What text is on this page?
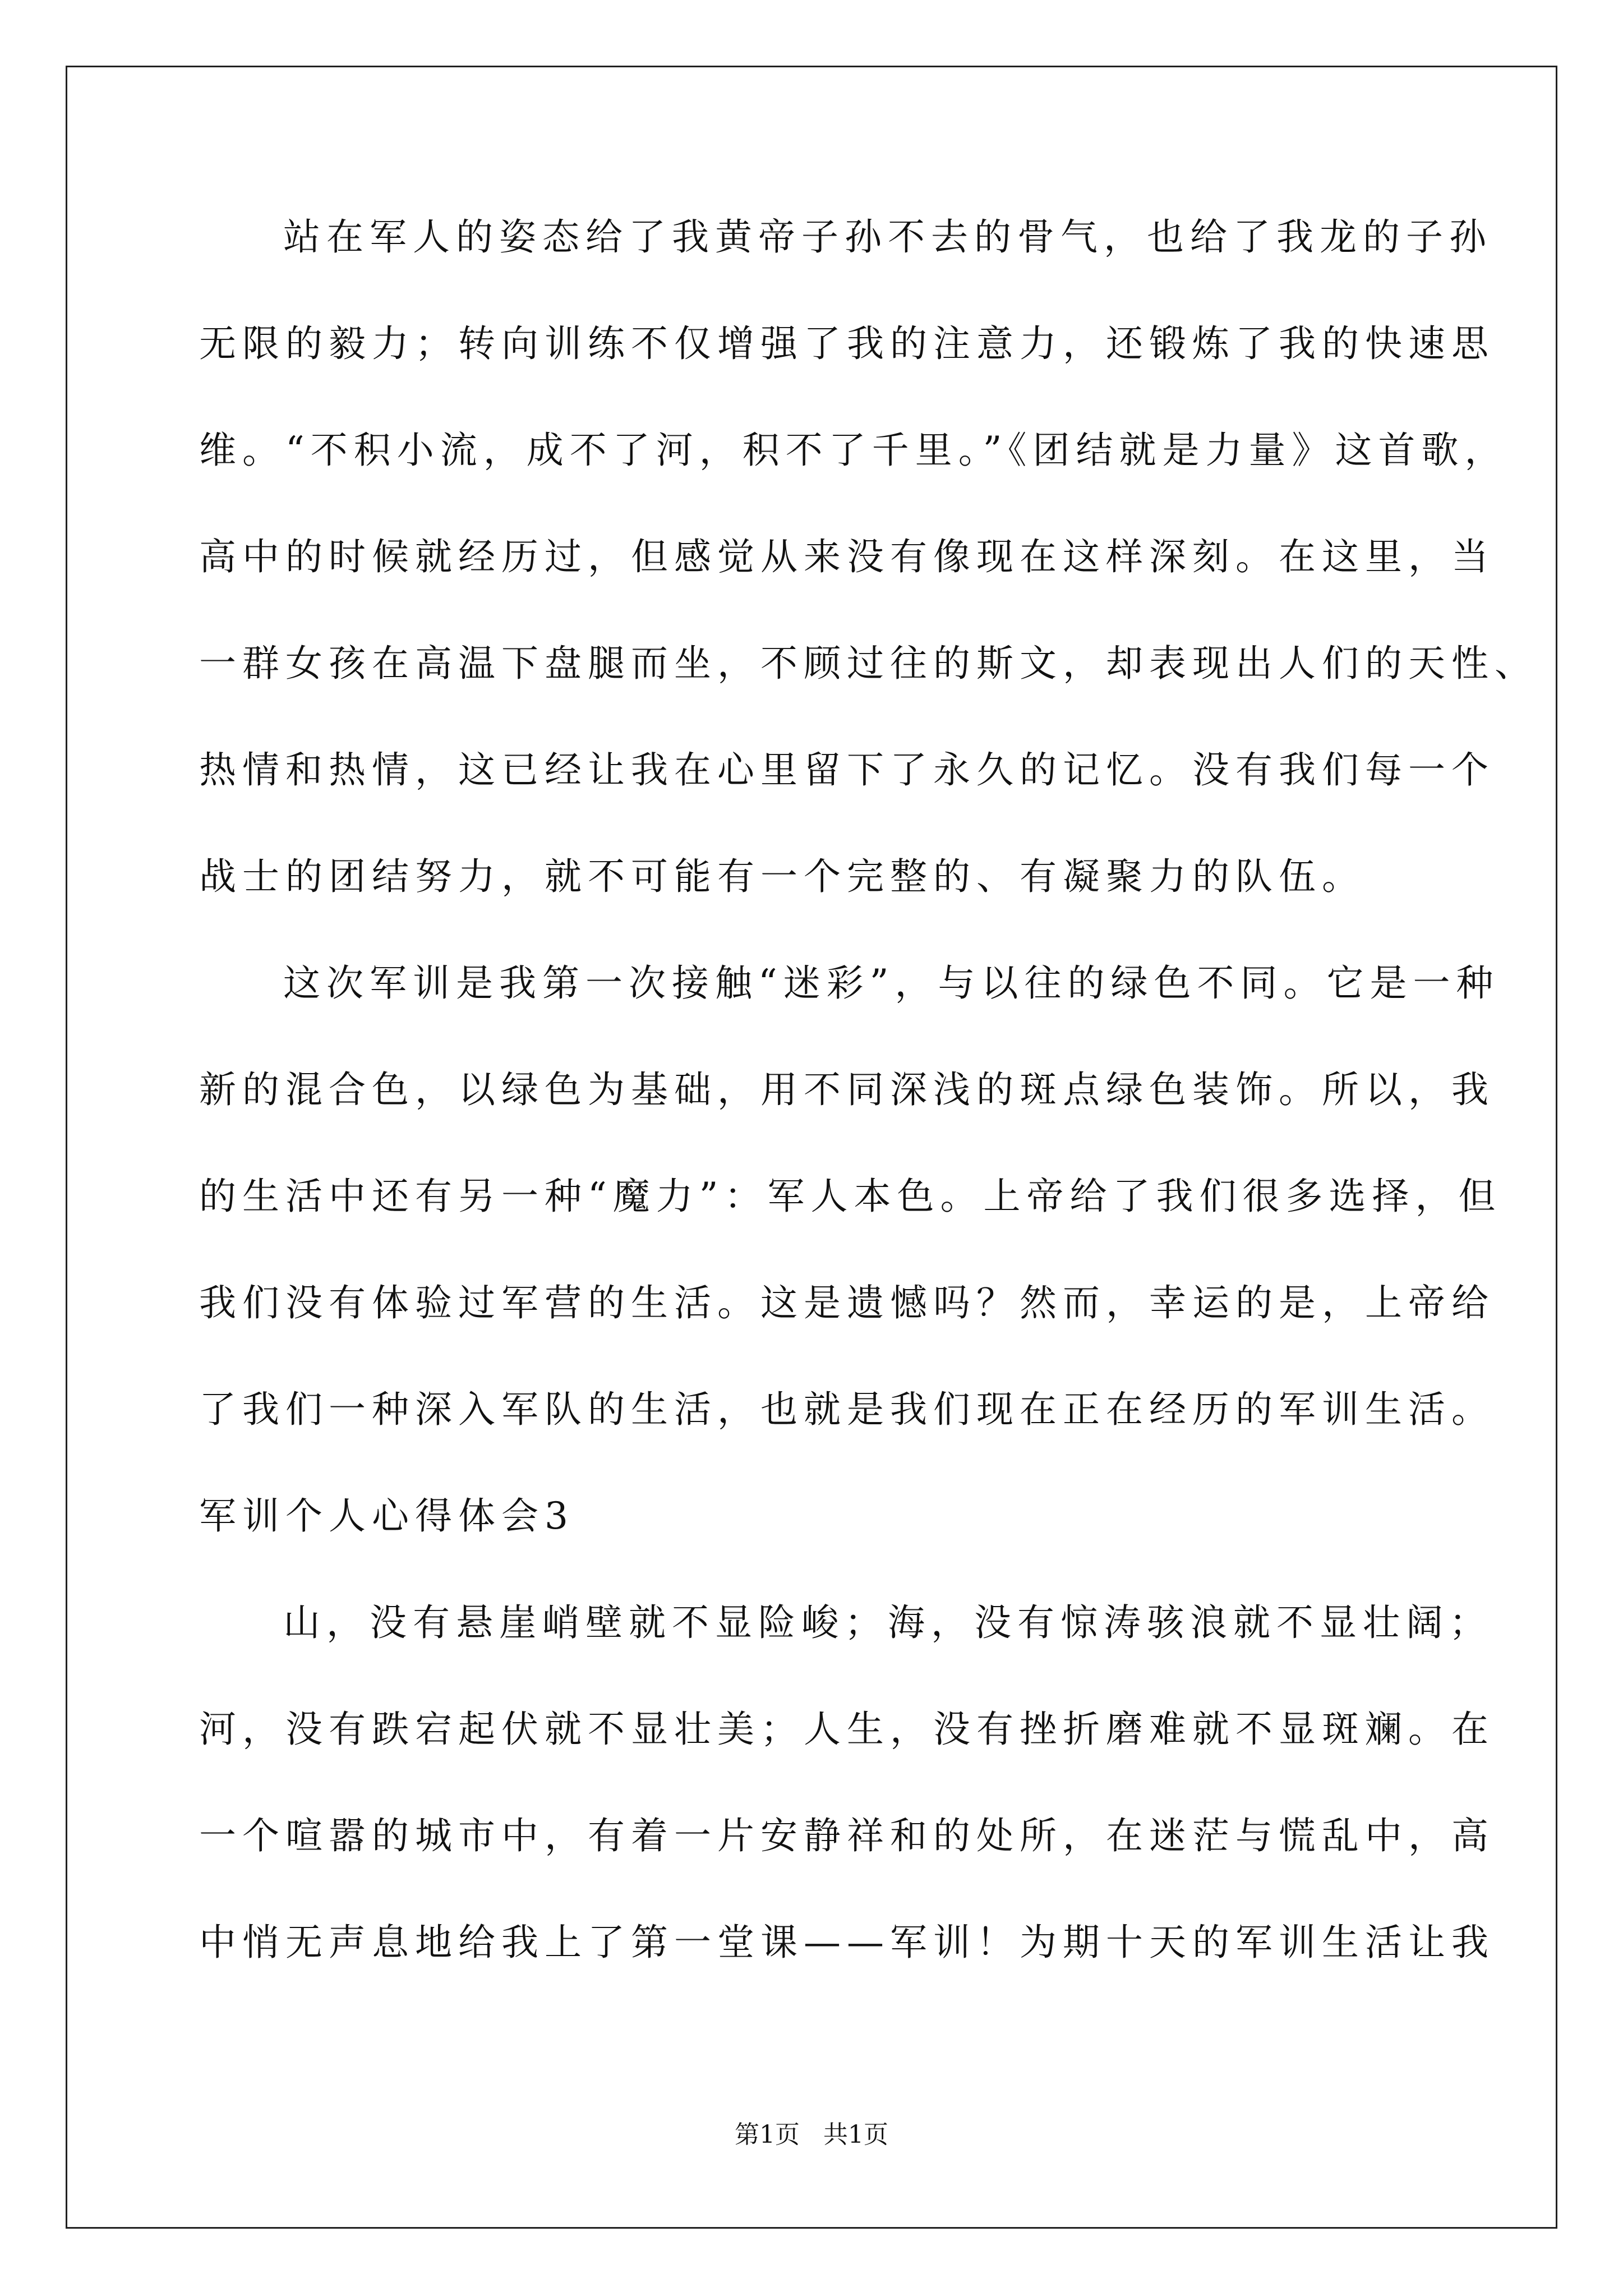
站在军人的姿态给了我黄帝子孙不去的骨气，也给了我龙的子孙
无限的毅力；转向训练不仅增强了我的注意力，还锻炼了我的快速思
维。“不积小流，成不了河，积不了千里。”《团结就是力量》这首歌，
高中的时候就经历过，但感觉从来没有像现在这样深刻。在这里，当
一群女孩在高温下盘腿而坐，不顾过往的斯文，却表现出人们的天性、
热情和热情，这已经让我在心里留下了永久的记忆。没有我们每一个
战士的团结努力，就不可能有一个完整的、有凝聚力的队伍。
这次军训是我第一次接触“迷彩”，与以往的绿色不同。它是一种
新的混合色，以绿色为基础，用不同深浅的斑点绿色装饰。所以，我
的生活中还有另一种“魔力”：军人本色。上帝给了我们很多选择，但
我们没有体验过军营的生活。这是遗憾吗？然而，幸运的是，上帝给
了我们一种深入军队的生活，也就是我们现在正在经历的军训生活。
军训个人心得体会3
山，没有悬崖峭壁就不显险峻；海，没有惊涛骇浪就不显壮阔；
河，没有跌宕起伏就不显壮美；人生，没有挫折磨难就不显斑斓。在
一个喧嚣的城市中，有着一片安静祥和的处所，在迷茫与慌乱中，高
中悄无声息地给我上了第一堂课——军训！为期十天的军训生活让我
第1页   共1页
